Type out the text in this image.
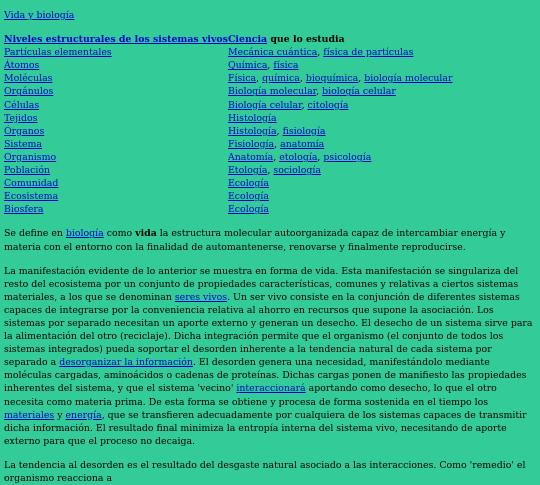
Vida y biología
Niveles estructurales de los sistemas vivos	Ciencia que lo estudia
Partículas elementales	Mecánica cuántica, física de partículas
Átomos	Química, física
Moléculas	Física, química, bioquímica, biología molecular
Orgánulos	Biología molecular, biología celular
Células	Biología celular, citología
Tejidos	Histología
Órganos	Histología, fisiología
Sistema	Fisiología, anatomía
Organismo	Anatomía, etología, psicología
Población	Etología, sociología
Comunidad	Ecología
Ecosistema	Ecología
Biosfera	Ecología

Se define en biología como vida la estructura molecular autoorganizada capaz de intercambiar energía y materia con el entorno con la finalidad de automantenerse, renovarse y finalmente reproducirse.

La manifestación evidente de lo anterior se muestra en forma de vida. Esta manifestación se singulariza del resto del ecosistema por un conjunto de propiedades características, comunes y relativas a ciertos sistemas materiales, a los que se denominan seres vivos. Un ser vivo consiste en la conjunción de diferentes sistemas capaces de integrarse por la conveniencia relativa al ahorro en recursos que supone la asociación. Los sistemas por separado necesitan un aporte externo y generan un desecho. El desecho de un sistema sirve para la alimentación del otro (reciclaje). Dicha integración permite que el organismo (el conjunto de todos los sistemas integrados) pueda soportar el desorden inherente a la tendencia natural de cada sistema por separado a desorganizar la información. El desorden genera una necesidad, manifestándolo mediante moléculas cargadas, aminoácidos o cadenas de proteínas. Dichas cargas ponen de manifiesto las propiedades inherentes del sistema, y que el sistema 'vecino' interaccionará aportando como desecho, lo que el otro necesita como materia prima. De esta forma se obtiene y procesa de forma sostenida en el tiempo los materiales y energía, que se transfieren adecuadamente por cualquiera de los sistemas capaces de transmitir dicha información. El resultado final minimiza la entropía interna del sistema vivo, necesitando de aporte externo para que el proceso no decaiga.

La tendencia al desorden es el resultado del desgaste natural asociado a las interacciones. Como 'remedio' el organismo reacciona a
